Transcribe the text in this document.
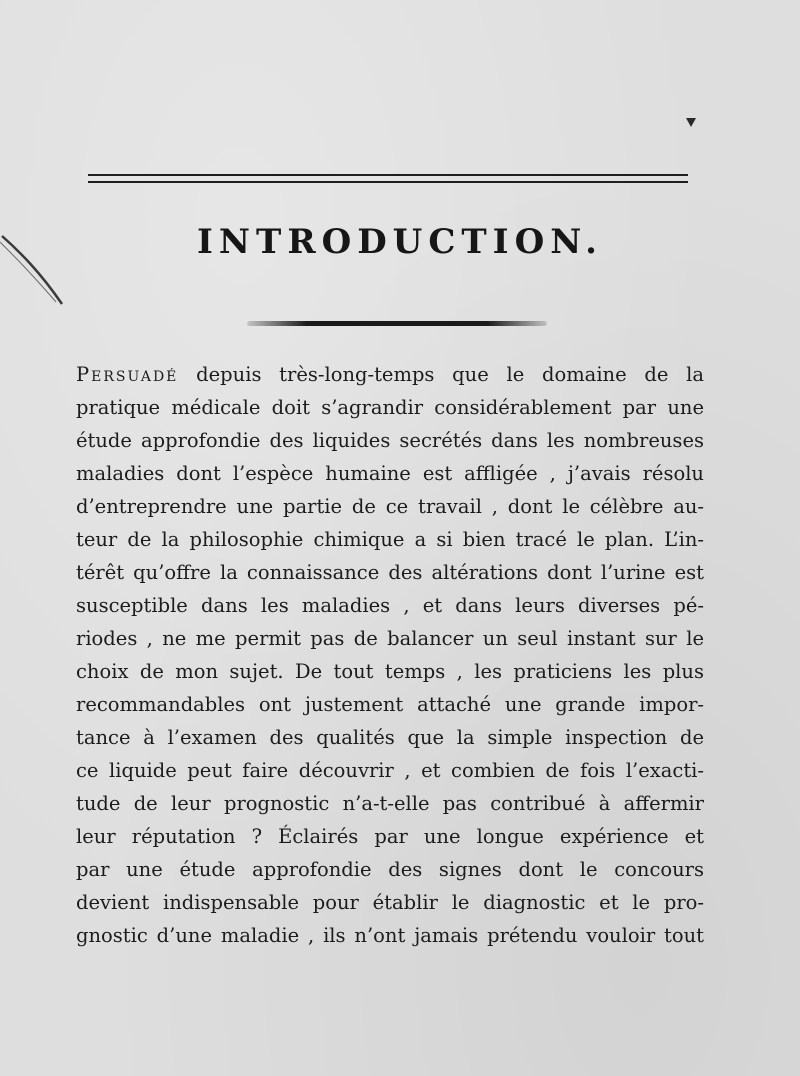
INTRODUCTION.
Persuadé depuis très-long-temps que le domaine de la
pratique médicale doit s’agrandir considérablement par une
étude approfondie des liquides secrétés dans les nombreuses
maladies dont l’espèce humaine est affligée , j’avais résolu
d’entreprendre une partie de ce travail , dont le célèbre au-
teur de la philosophie chimique a si bien tracé le plan. L’in-
térêt qu’offre la connaissance des altérations dont l’urine est
susceptible dans les maladies , et dans leurs diverses pé-
riodes , ne me permit pas de balancer un seul instant sur le
choix de mon sujet. De tout temps , les praticiens les plus
recommandables ont justement attaché une grande impor-
tance à l’examen des qualités que la simple inspection de
ce liquide peut faire découvrir , et combien de fois l’exacti-
tude de leur prognostic n’a-t-elle pas contribué à affermir
leur réputation ? Éclairés par une longue expérience et
par une étude approfondie des signes dont le concours
devient indispensable pour établir le diagnostic et le pro-
gnostic d’une maladie , ils n’ont jamais prétendu vouloir tout
